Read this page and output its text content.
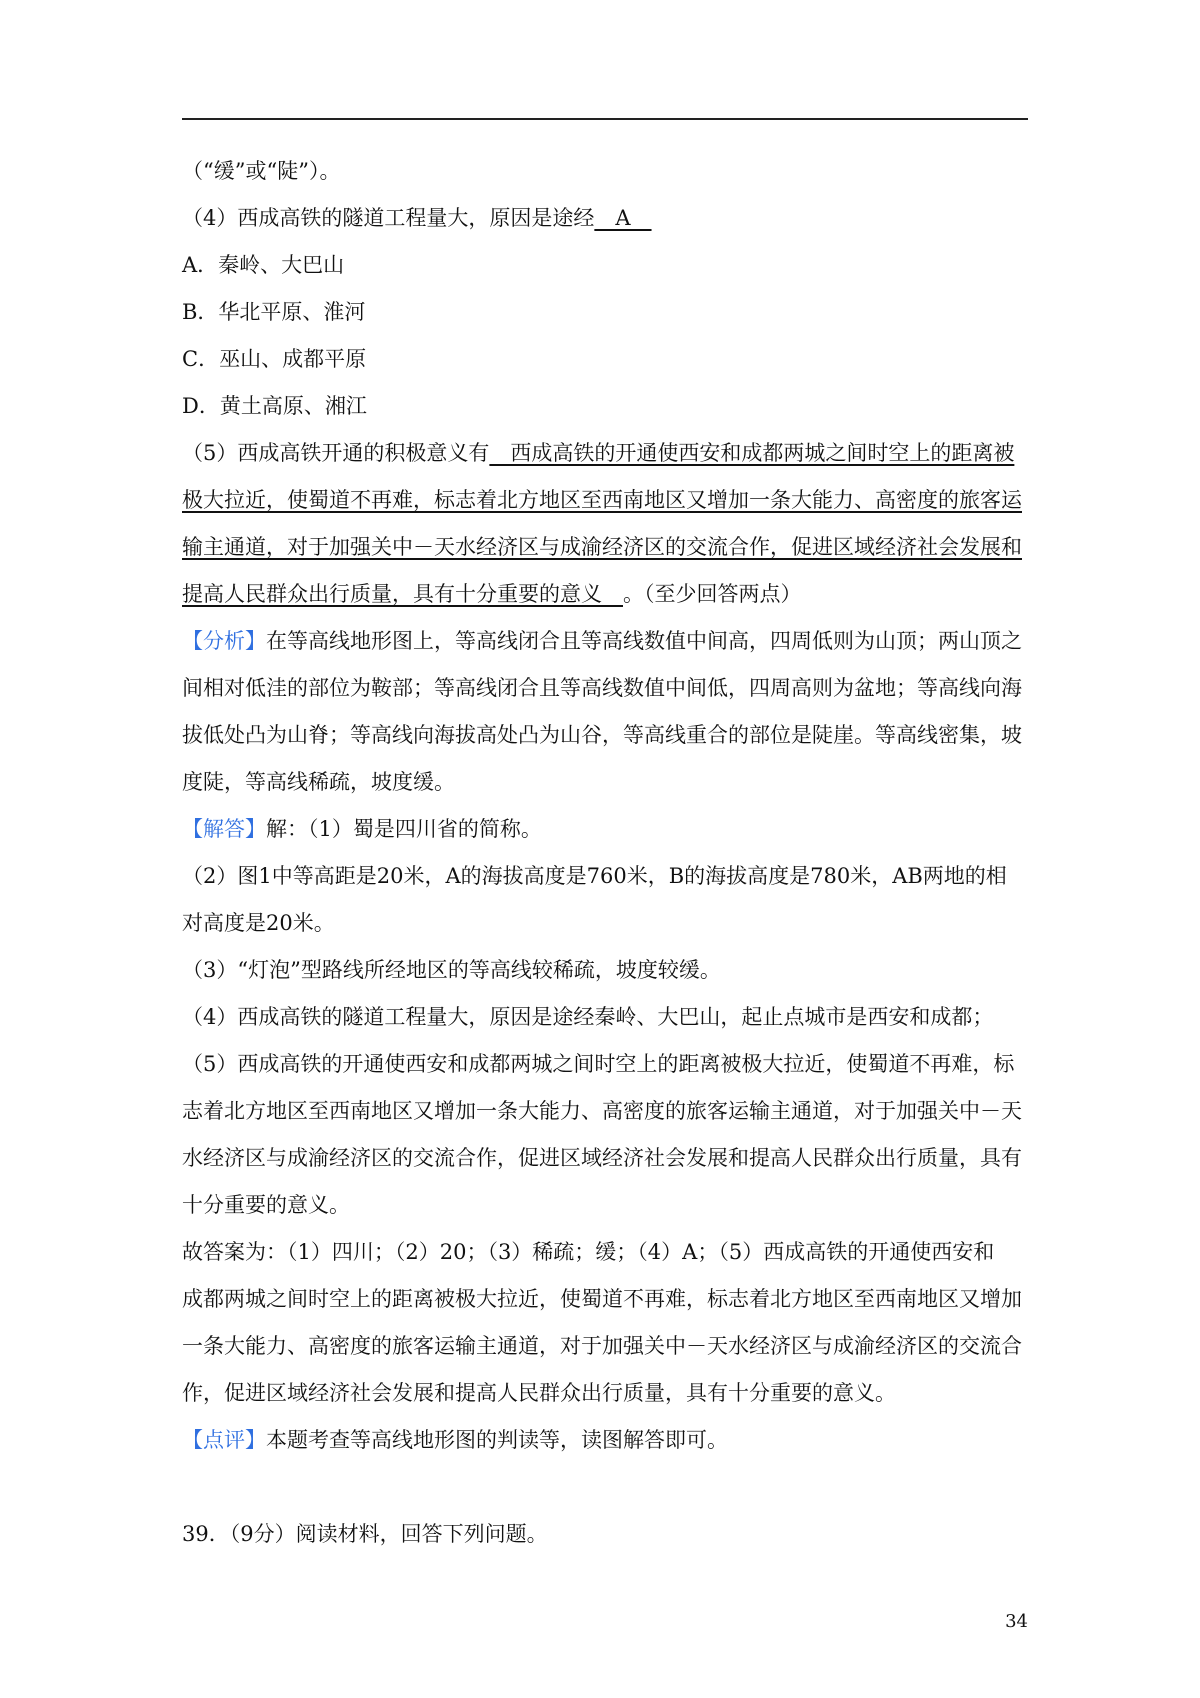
（“缓”或“陡”）。
（4）西成高铁的隧道工程量大，原因是途经　A　
A．秦岭、大巴山
B．华北平原、淮河
C．巫山、成都平原
D．黄土高原、湘江
（5）西成高铁开通的积极意义有　西成高铁的开通使西安和成都两城之间时空上的距离被
极大拉近，使蜀道不再难，标志着北方地区至西南地区又增加一条大能力、高密度的旅客运
输主通道，对于加强关中－天水经济区与成渝经济区的交流合作，促进区域经济社会发展和
提高人民群众出行质量，具有十分重要的意义　。（至少回答两点）
【分析】在等高线地形图上，等高线闭合且等高线数值中间高，四周低则为山顶；两山顶之
间相对低洼的部位为鞍部；等高线闭合且等高线数值中间低，四周高则为盆地；等高线向海
拔低处凸为山脊；等高线向海拔高处凸为山谷，等高线重合的部位是陡崖。等高线密集，坡
度陡，等高线稀疏，坡度缓。
【解答】解：（1）蜀是四川省的简称。
（2）图1中等高距是20米，A的海拔高度是760米，B的海拔高度是780米，AB两地的相
对高度是20米。
（3）“灯泡”型路线所经地区的等高线较稀疏，坡度较缓。
（4）西成高铁的隧道工程量大，原因是途经秦岭、大巴山，起止点城市是西安和成都；
（5）西成高铁的开通使西安和成都两城之间时空上的距离被极大拉近，使蜀道不再难，标
志着北方地区至西南地区又增加一条大能力、高密度的旅客运输主通道，对于加强关中－天
水经济区与成渝经济区的交流合作，促进区域经济社会发展和提高人民群众出行质量，具有
十分重要的意义。
故答案为：（1）四川；（2）20；（3）稀疏；缓；（4）A；（5）西成高铁的开通使西安和
成都两城之间时空上的距离被极大拉近，使蜀道不再难，标志着北方地区至西南地区又增加
一条大能力、高密度的旅客运输主通道，对于加强关中－天水经济区与成渝经济区的交流合
作，促进区域经济社会发展和提高人民群众出行质量，具有十分重要的意义。
【点评】本题考查等高线地形图的判读等，读图解答即可。
39．（9分）阅读材料，回答下列问题。
34
